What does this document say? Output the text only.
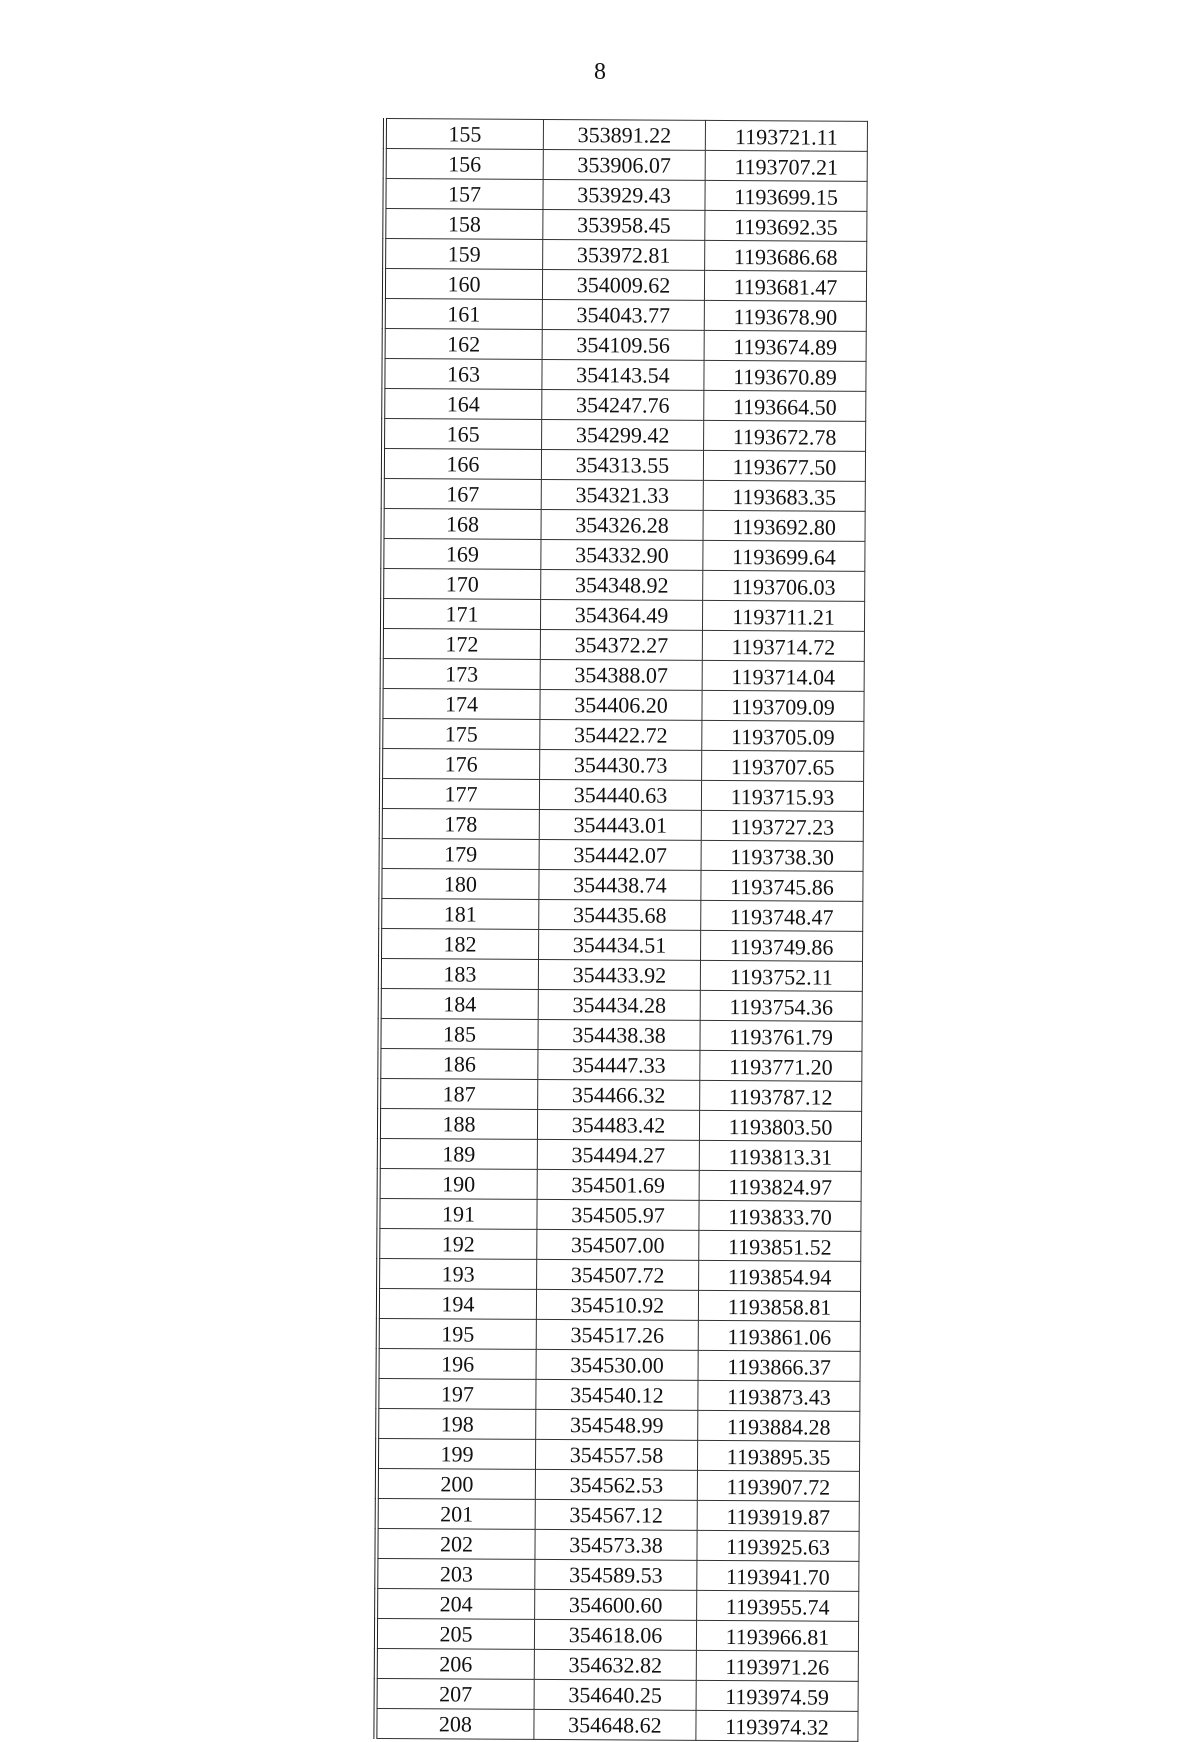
8
155	353891.22	1193721.11
156	353906.07	1193707.21
157	353929.43	1193699.15
158	353958.45	1193692.35
159	353972.81	1193686.68
160	354009.62	1193681.47
161	354043.77	1193678.90
162	354109.56	1193674.89
163	354143.54	1193670.89
164	354247.76	1193664.50
165	354299.42	1193672.78
166	354313.55	1193677.50
167	354321.33	1193683.35
168	354326.28	1193692.80
169	354332.90	1193699.64
170	354348.92	1193706.03
171	354364.49	1193711.21
172	354372.27	1193714.72
173	354388.07	1193714.04
174	354406.20	1193709.09
175	354422.72	1193705.09
176	354430.73	1193707.65
177	354440.63	1193715.93
178	354443.01	1193727.23
179	354442.07	1193738.30
180	354438.74	1193745.86
181	354435.68	1193748.47
182	354434.51	1193749.86
183	354433.92	1193752.11
184	354434.28	1193754.36
185	354438.38	1193761.79
186	354447.33	1193771.20
187	354466.32	1193787.12
188	354483.42	1193803.50
189	354494.27	1193813.31
190	354501.69	1193824.97
191	354505.97	1193833.70
192	354507.00	1193851.52
193	354507.72	1193854.94
194	354510.92	1193858.81
195	354517.26	1193861.06
196	354530.00	1193866.37
197	354540.12	1193873.43
198	354548.99	1193884.28
199	354557.58	1193895.35
200	354562.53	1193907.72
201	354567.12	1193919.87
202	354573.38	1193925.63
203	354589.53	1193941.70
204	354600.60	1193955.74
205	354618.06	1193966.81
206	354632.82	1193971.26
207	354640.25	1193974.59
208	354648.62	1193974.32
